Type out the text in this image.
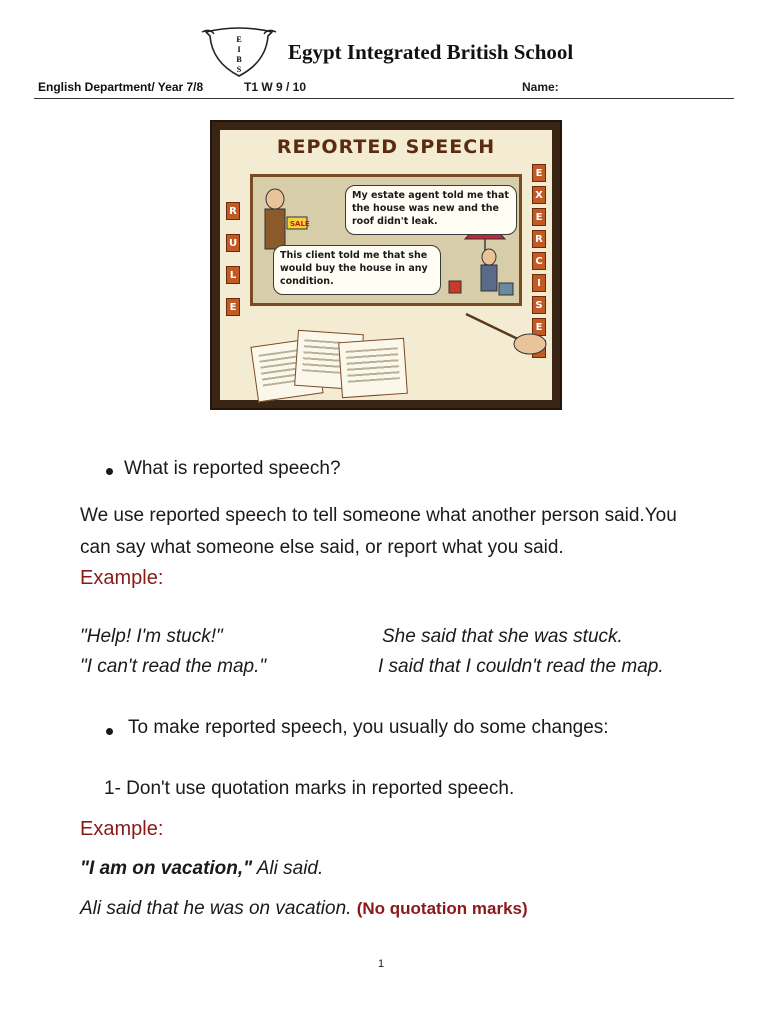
E
I
B
S
Egypt Integrated British School
English Department/ Year 7/8	T1 W 9 / 10	Name:
REPORTED SPEECH
R
U
L
E
E
X
E
R
C
I
S
E
SALE
My estate agent told me that the house was new and the roof didn't leak.
This client told me that she would buy the house in any condition.
What is reported speech?
We use reported speech to tell someone what another person said.You
can say what someone else said, or report what you said.
Example:
"Help! I'm stuck!"	She said that she was stuck.
"I can't read the map."	I said that I couldn't read the map.
To make reported speech, you usually do some changes:
1- Don't use quotation marks in reported speech.
Example:
"I am on vacation," Ali said.
Ali said that he was on vacation. (No quotation marks)
1
